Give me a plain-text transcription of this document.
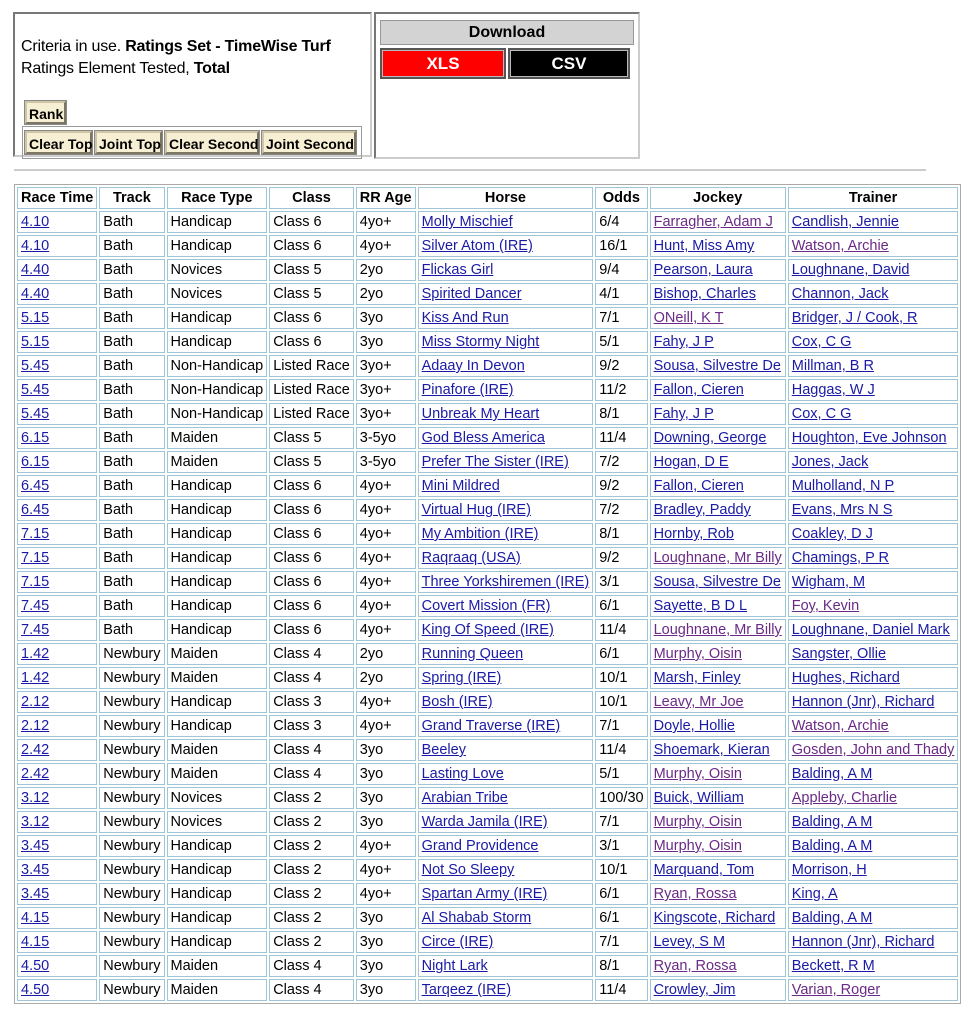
Criteria in use. Ratings Set - TimeWise Turf
Ratings Element Tested, Total
Rank
Clear Top Joint Top Clear Second Joint Second
Download
XLS	CSV
Race Time	Track	Race Type	Class	RR Age	Horse	Odds	Jockey	Trainer
4.10	Bath	Handicap	Class 6	4yo+	Molly Mischief	6/4	Farragher, Adam J	Candlish, Jennie
4.10	Bath	Handicap	Class 6	4yo+	Silver Atom (IRE)	16/1	Hunt, Miss Amy	Watson, Archie
4.40	Bath	Novices	Class 5	2yo	Flickas Girl	9/4	Pearson, Laura	Loughnane, David
4.40	Bath	Novices	Class 5	2yo	Spirited Dancer	4/1	Bishop, Charles	Channon, Jack
5.15	Bath	Handicap	Class 6	3yo	Kiss And Run	7/1	ONeill, K T	Bridger, J / Cook, R
5.15	Bath	Handicap	Class 6	3yo	Miss Stormy Night	5/1	Fahy, J P	Cox, C G
5.45	Bath	Non-Handicap	Listed Race	3yo+	Adaay In Devon	9/2	Sousa, Silvestre De	Millman, B R
5.45	Bath	Non-Handicap	Listed Race	3yo+	Pinafore (IRE)	11/2	Fallon, Cieren	Haggas, W J
5.45	Bath	Non-Handicap	Listed Race	3yo+	Unbreak My Heart	8/1	Fahy, J P	Cox, C G
6.15	Bath	Maiden	Class 5	3-5yo	God Bless America	11/4	Downing, George	Houghton, Eve Johnson
6.15	Bath	Maiden	Class 5	3-5yo	Prefer The Sister (IRE)	7/2	Hogan, D E	Jones, Jack
6.45	Bath	Handicap	Class 6	4yo+	Mini Mildred	9/2	Fallon, Cieren	Mulholland, N P
6.45	Bath	Handicap	Class 6	4yo+	Virtual Hug (IRE)	7/2	Bradley, Paddy	Evans, Mrs N S
7.15	Bath	Handicap	Class 6	4yo+	My Ambition (IRE)	8/1	Hornby, Rob	Coakley, D J
7.15	Bath	Handicap	Class 6	4yo+	Raqraaq (USA)	9/2	Loughnane, Mr Billy	Chamings, P R
7.15	Bath	Handicap	Class 6	4yo+	Three Yorkshiremen (IRE)	3/1	Sousa, Silvestre De	Wigham, M
7.45	Bath	Handicap	Class 6	4yo+	Covert Mission (FR)	6/1	Sayette, B D L	Foy, Kevin
7.45	Bath	Handicap	Class 6	4yo+	King Of Speed (IRE)	11/4	Loughnane, Mr Billy	Loughnane, Daniel Mark
1.42	Newbury	Maiden	Class 4	2yo	Running Queen	6/1	Murphy, Oisin	Sangster, Ollie
1.42	Newbury	Maiden	Class 4	2yo	Spring (IRE)	10/1	Marsh, Finley	Hughes, Richard
2.12	Newbury	Handicap	Class 3	4yo+	Bosh (IRE)	10/1	Leavy, Mr Joe	Hannon (Jnr), Richard
2.12	Newbury	Handicap	Class 3	4yo+	Grand Traverse (IRE)	7/1	Doyle, Hollie	Watson, Archie
2.42	Newbury	Maiden	Class 4	3yo	Beeley	11/4	Shoemark, Kieran	Gosden, John and Thady
2.42	Newbury	Maiden	Class 4	3yo	Lasting Love	5/1	Murphy, Oisin	Balding, A M
3.12	Newbury	Novices	Class 2	3yo	Arabian Tribe	100/30	Buick, William	Appleby, Charlie
3.12	Newbury	Novices	Class 2	3yo	Warda Jamila (IRE)	7/1	Murphy, Oisin	Balding, A M
3.45	Newbury	Handicap	Class 2	4yo+	Grand Providence	3/1	Murphy, Oisin	Balding, A M
3.45	Newbury	Handicap	Class 2	4yo+	Not So Sleepy	10/1	Marquand, Tom	Morrison, H
3.45	Newbury	Handicap	Class 2	4yo+	Spartan Army (IRE)	6/1	Ryan, Rossa	King, A
4.15	Newbury	Handicap	Class 2	3yo	Al Shabab Storm	6/1	Kingscote, Richard	Balding, A M
4.15	Newbury	Handicap	Class 2	3yo	Circe (IRE)	7/1	Levey, S M	Hannon (Jnr), Richard
4.50	Newbury	Maiden	Class 4	3yo	Night Lark	8/1	Ryan, Rossa	Beckett, R M
4.50	Newbury	Maiden	Class 4	3yo	Tarqeez (IRE)	11/4	Crowley, Jim	Varian, Roger
